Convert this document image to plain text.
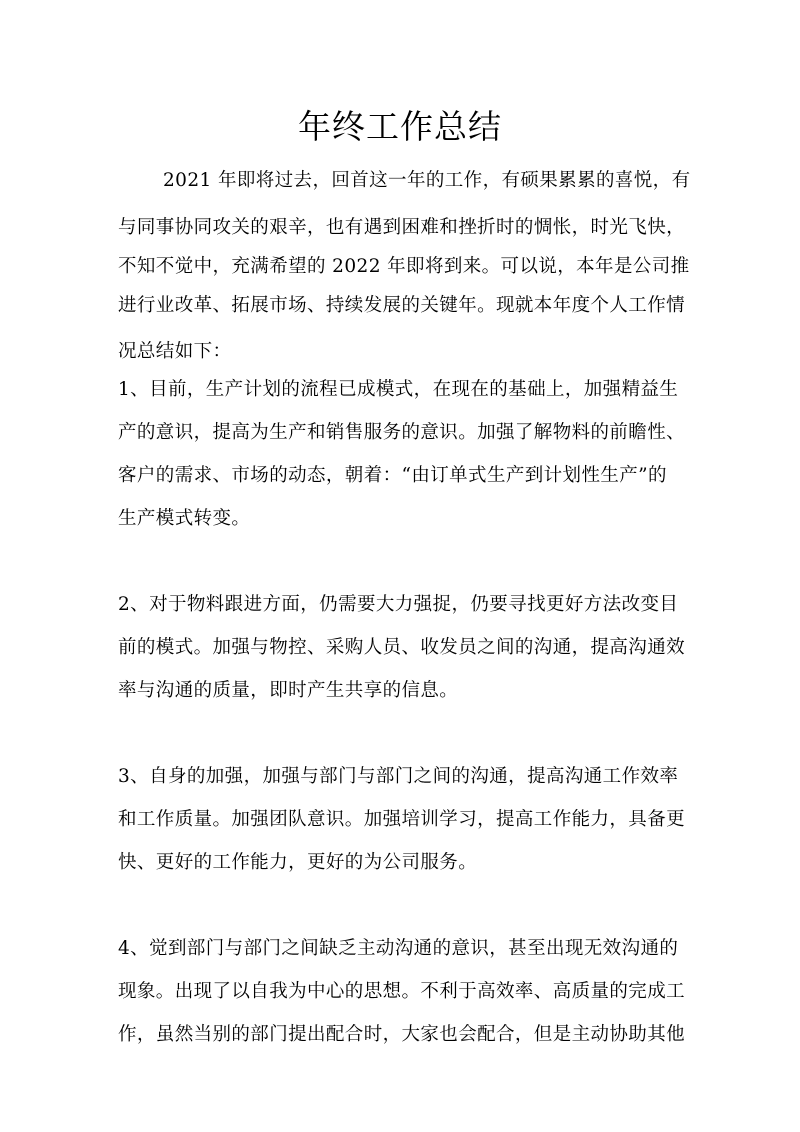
年终工作总结
2021 年即将过去，回首这一年的工作，有硕果累累的喜悦，有
与同事协同攻关的艰辛，也有遇到困难和挫折时的惆怅，时光飞快，
不知不觉中，充满希望的 2022 年即将到来。可以说，本年是公司推
进行业改革、拓展市场、持续发展的关键年。现就本年度个人工作情
况总结如下：
1、目前，生产计划的流程已成模式，在现在的基础上，加强精益生
产的意识，提高为生产和销售服务的意识。加强了解物料的前瞻性、
客户的需求、市场的动态，朝着：“由订单式生产到计划性生产”的
生产模式转变。
2、对于物料跟进方面，仍需要大力强捉，仍要寻找更好方法改变目
前的模式。加强与物控、采购人员、收发员之间的沟通，提高沟通效
率与沟通的质量，即时产生共享的信息。
3、自身的加强，加强与部门与部门之间的沟通，提高沟通工作效率
和工作质量。加强团队意识。加强培训学习，提高工作能力，具备更
快、更好的工作能力，更好的为公司服务。
4、觉到部门与部门之间缺乏主动沟通的意识，甚至出现无效沟通的
现象。出现了以自我为中心的思想。不利于高效率、高质量的完成工
作，虽然当别的部门提出配合时，大家也会配合，但是主动协助其他
